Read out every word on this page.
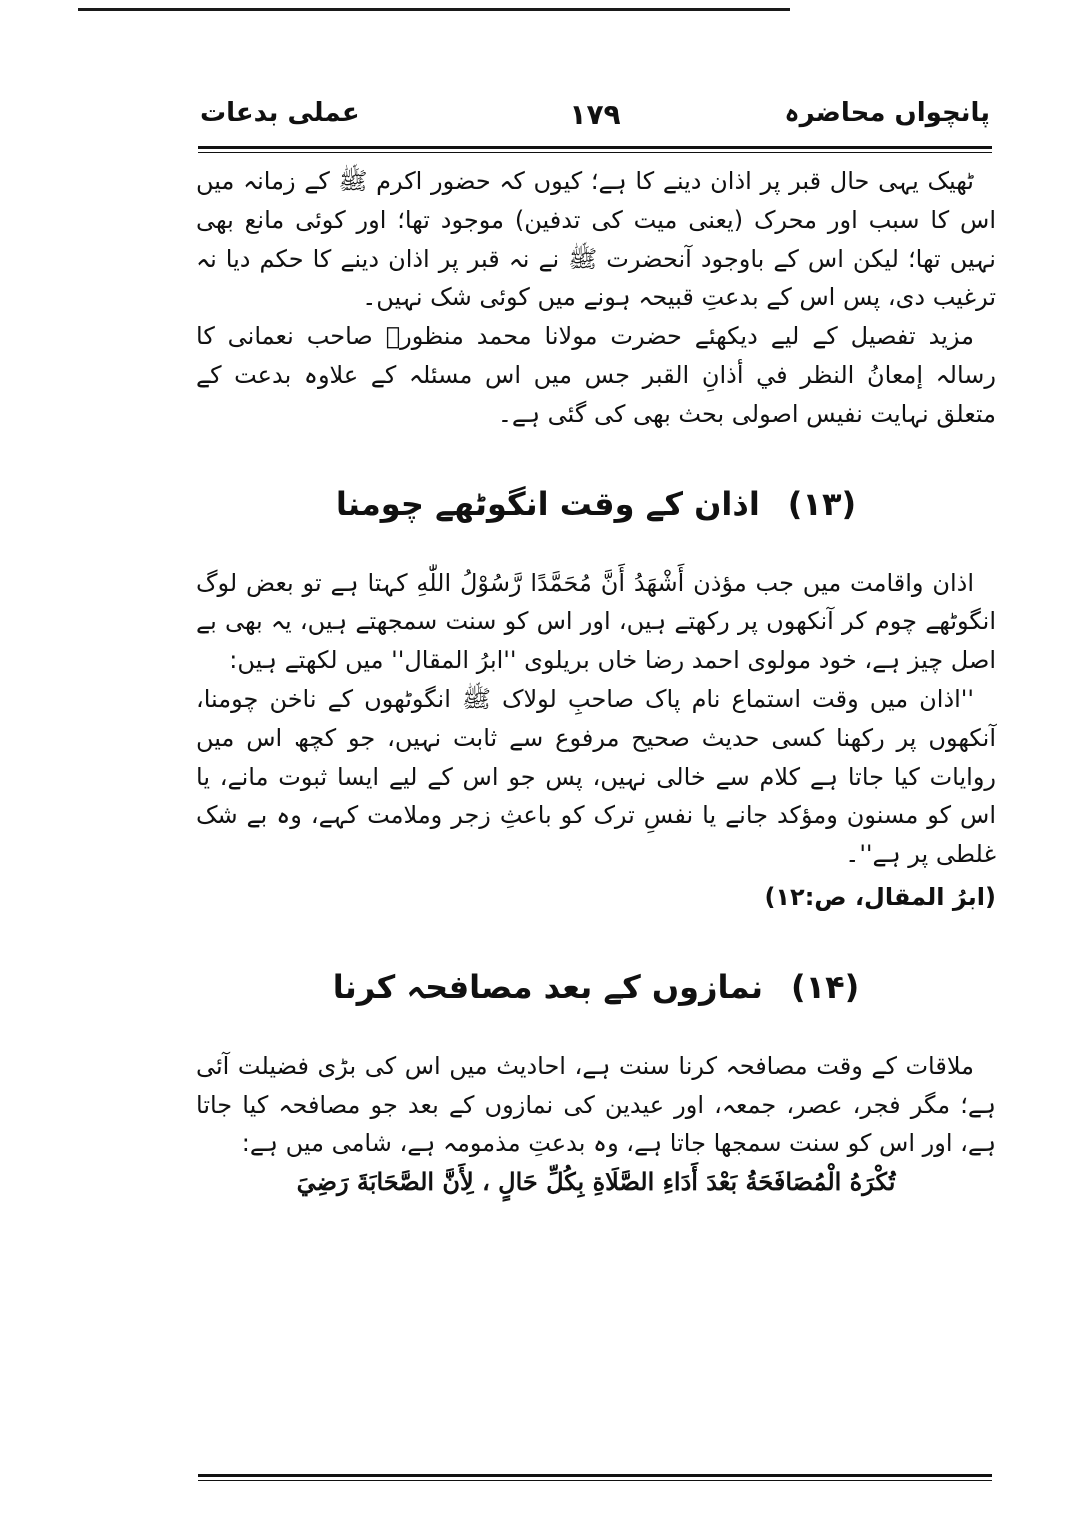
عملی بدعات	۱۷۹	پانچواں محاضرہ

ٹھیک یہی حال قبر پر اذان دینے کا ہے؛ کیوں کہ حضور اکرم ﷺ کے زمانہ میں اس کا سبب اور محرک (یعنی میت کی تدفین) موجود تھا؛ اور کوئی مانع بھی نہیں تھا؛ لیکن اس کے باوجود آنحضرت ﷺ نے نہ قبر پر اذان دینے کا حکم دیا نہ ترغیب دی، پس اس کے بدعتِ قبیحہ ہونے میں کوئی شک نہیں۔

مزید تفصیل کے لیے دیکھئے حضرت مولانا محمد منظورؒ صاحب نعمانی کا رسالہ إمعانُ النظر في أذانِ القبر جس میں اس مسئلہ کے علاوہ بدعت کے متعلق نہایت نفیس اصولی بحث بھی کی گئی ہے۔

(۱۳)اذان کے وقت انگوٹھے چومنا

اذان واقامت میں جب مؤذن أَشْهَدُ أَنَّ مُحَمَّدًا رَّسُوْلُ اللّٰهِ کہتا ہے تو بعض لوگ انگوٹھے چوم کر آنکھوں پر رکھتے ہیں، اور اس کو سنت سمجھتے ہیں، یہ بھی بے اصل چیز ہے، خود مولوی احمد رضا خاں بریلوی ''ابرُ المقال'' میں لکھتے ہیں:

''اذان میں وقت استماع نام پاک صاحبِ لولاک ﷺ انگوٹھوں کے ناخن چومنا، آنکھوں پر رکھنا کسی حدیث صحیح مرفوع سے ثابت نہیں، جو کچھ اس میں روایات کیا جاتا ہے کلام سے خالی نہیں، پس جو اس کے لیے ایسا ثبوت مانے، یا اس کو مسنون ومؤکد جانے یا نفسِ ترک کو باعثِ زجر وملامت کہے، وہ بے شک غلطی پر ہے''۔

(ابرُ المقال، ص:۱۲)

(۱۴)نمازوں کے بعد مصافحہ کرنا

ملاقات کے وقت مصافحہ کرنا سنت ہے، احادیث میں اس کی بڑی فضیلت آئی ہے؛ مگر فجر، عصر، جمعہ، اور عیدین کی نمازوں کے بعد جو مصافحہ کیا جاتا ہے، اور اس کو سنت سمجھا جاتا ہے، وہ بدعتِ مذمومہ ہے، شامی میں ہے:

تُكْرَهُ الْمُصَافَحَةُ بَعْدَ أَدَاءِ الصَّلَاةِ بِكُلِّ حَالٍ ، لِأَنَّ الصَّحَابَةَ رَضِيَ
